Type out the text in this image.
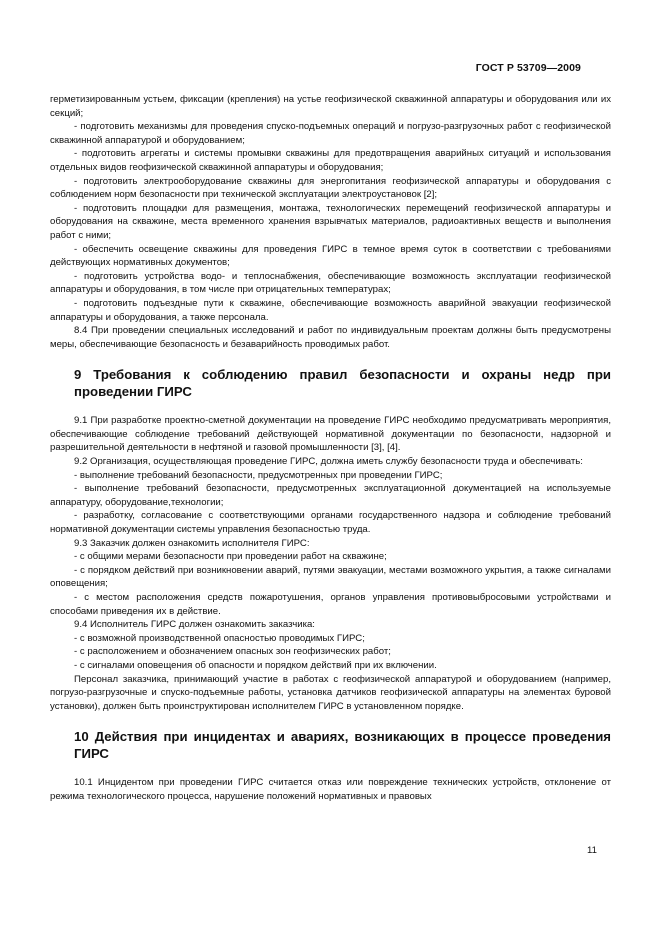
ГОСТ Р 53709—2009

герметизированным устьем, фиксации (крепления) на устье геофизической скважинной аппаратуры и оборудования или их секций;

- подготовить механизмы для проведения спуско-подъемных операций и погрузо-разгрузочных работ с геофизической скважинной аппаратурой и оборудованием;

- подготовить агрегаты и системы промывки скважины для предотвращения аварийных ситуаций и использования отдельных видов геофизической скважинной аппаратуры и оборудования;

- подготовить электрооборудование скважины для энергопитания геофизической аппаратуры и оборудования с соблюдением норм безопасности при технической эксплуатации электроустановок [2];

- подготовить площадки для размещения, монтажа, технологических перемещений геофизической аппаратуры и оборудования на скважине, места временного хранения взрывчатых материалов, радиоактивных веществ и выполнения работ с ними;

- обеспечить освещение скважины для проведения ГИРС в темное время суток в соответствии с требованиями действующих нормативных документов;

- подготовить устройства водо- и теплоснабжения, обеспечивающие возможность эксплуатации геофизической аппаратуры и оборудования, в том числе при отрицательных температурах;

- подготовить подъездные пути к скважине, обеспечивающие возможность аварийной эвакуации геофизической аппаратуры и оборудования, а также персонала.

8.4 При проведении специальных исследований и работ по индивидуальным проектам должны быть предусмотрены меры, обеспечивающие безопасность и безаварийность проводимых работ.

9 Требования к соблюдению правил безопасности и охраны недр при проведении ГИРС

9.1 При разработке проектно-сметной документации на проведение ГИРС необходимо предусматривать мероприятия, обеспечивающие соблюдение требований действующей нормативной документации по безопасности, надзорной и разрешительной деятельности в нефтяной и газовой промышленности [3], [4].

9.2 Организация, осуществляющая проведение ГИРС, должна иметь службу безопасности труда и обеспечивать:

- выполнение требований безопасности, предусмотренных при проведении ГИРС;

- выполнение требований безопасности, предусмотренных эксплуатационной документацией на используемые аппаратуру, оборудование,технологии;

- разработку, согласование с соответствующими органами государственного надзора и соблюдение требований нормативной документации системы управления безопасностью труда.

9.3 Заказчик должен ознакомить исполнителя ГИРС:

- с общими мерами безопасности при проведении работ на скважине;

- с порядком действий при возникновении аварий, путями эвакуации, местами возможного укрытия, а также сигналами оповещения;

- с местом расположения средств пожаротушения, органов управления противовыбросовыми устройствами и способами приведения их в действие.

9.4 Исполнитель ГИРС должен ознакомить заказчика:

- с возможной производственной опасностью проводимых ГИРС;

- с расположением и обозначением опасных зон геофизических работ;

- с сигналами оповещения об опасности и порядком действий при их включении.

Персонал заказчика, принимающий участие в работах с геофизической аппаратурой и оборудованием (например, погрузо-разгрузочные и спуско-подъемные работы, установка датчиков геофизической аппаратуры на элементах буровой установки), должен быть проинструктирован исполнителем ГИРС в установленном порядке.

10 Действия при инцидентах и авариях, возникающих в процессе проведения ГИРС

10.1 Инцидентом при проведении ГИРС считается отказ или повреждение технических устройств, отклонение от режима технологического процесса, нарушение положений нормативных и правовых

11
